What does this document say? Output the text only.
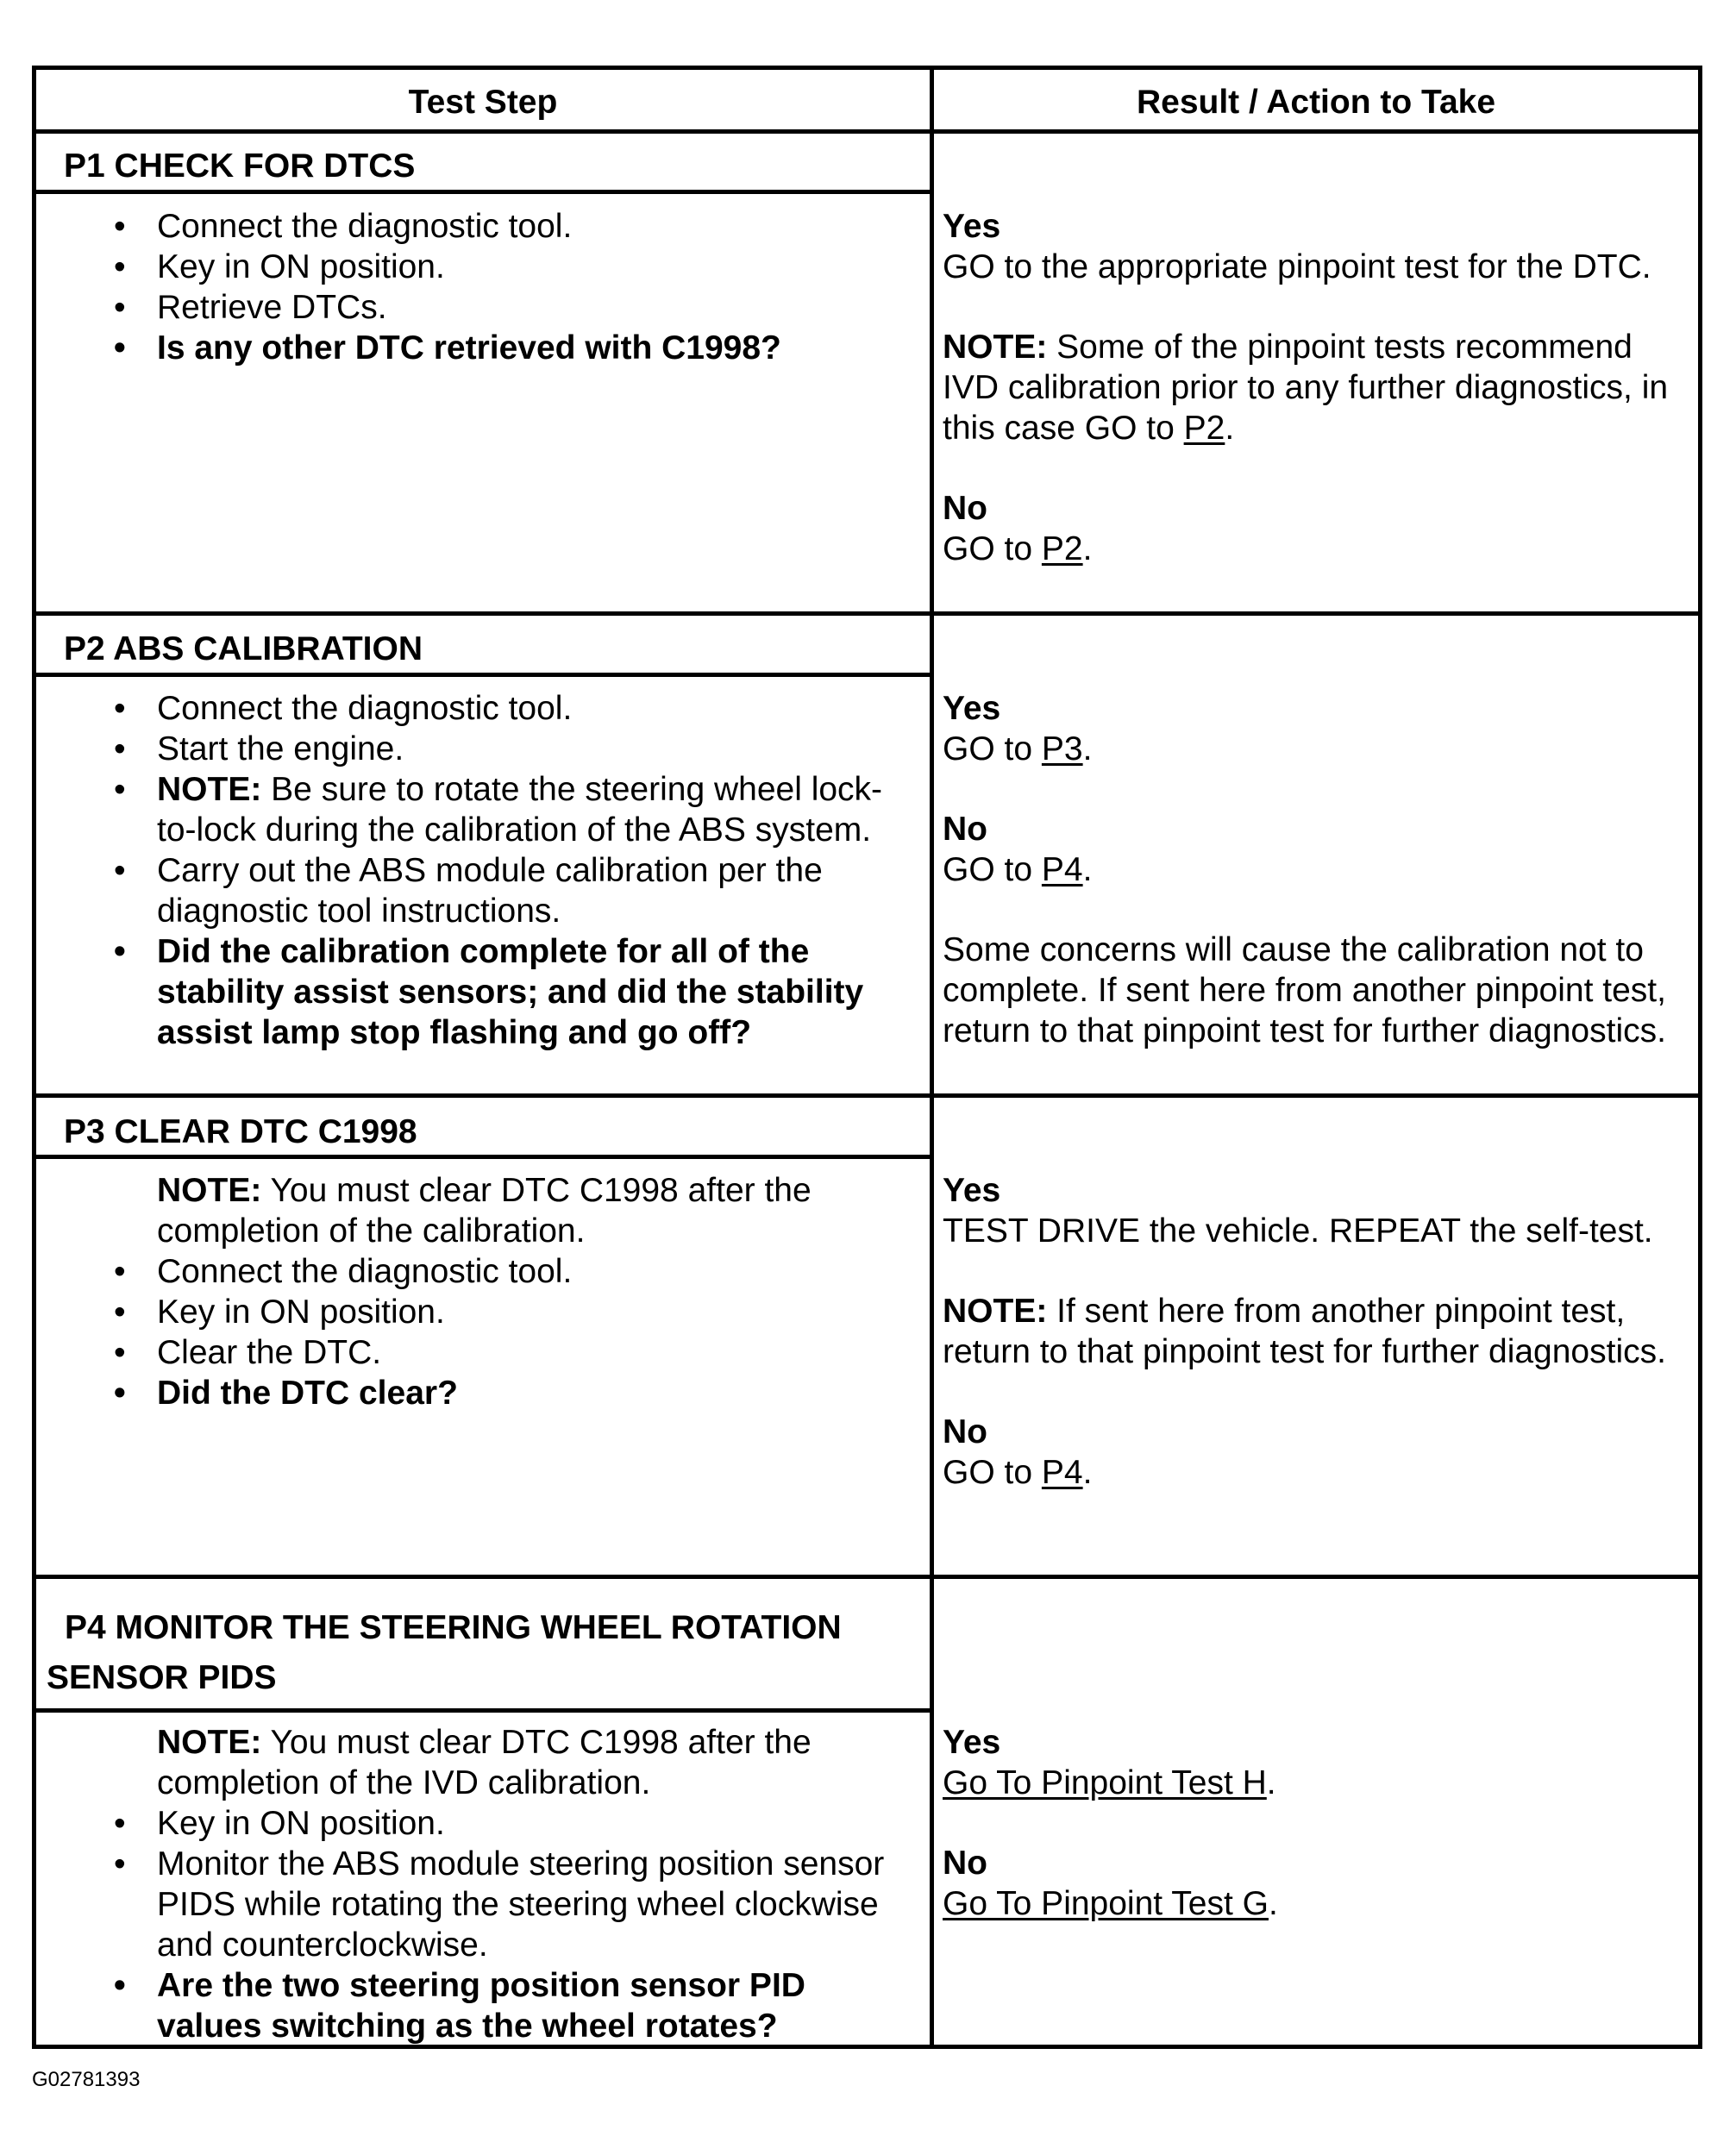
Test Step	Result / Action to Take
P1 CHECK FOR DTCS
• Connect the diagnostic tool.
• Key in ON position.
• Retrieve DTCs.
• Is any other DTC retrieved with C1998?

Yes
GO to the appropriate pinpoint test for the DTC.

NOTE: Some of the pinpoint tests recommend IVD calibration prior to any further diagnostics, in this case GO to P2.

No
GO to P2.

P2 ABS CALIBRATION
• Connect the diagnostic tool.
• Start the engine.
• NOTE: Be sure to rotate the steering wheel lock-to-lock during the calibration of the ABS system.
• Carry out the ABS module calibration per the diagnostic tool instructions.
• Did the calibration complete for all of the stability assist sensors; and did the stability assist lamp stop flashing and go off?

Yes
GO to P3.

No
GO to P4.

Some concerns will cause the calibration not to complete. If sent here from another pinpoint test, return to that pinpoint test for further diagnostics.

P3 CLEAR DTC C1998
NOTE: You must clear DTC C1998 after the completion of the calibration.
• Connect the diagnostic tool.
• Key in ON position.
• Clear the DTC.
• Did the DTC clear?

Yes
TEST DRIVE the vehicle. REPEAT the self-test.

NOTE: If sent here from another pinpoint test, return to that pinpoint test for further diagnostics.

No
GO to P4.

P4 MONITOR THE STEERING WHEEL ROTATION SENSOR PIDS
NOTE: You must clear DTC C1998 after the completion of the IVD calibration.
• Key in ON position.
• Monitor the ABS module steering position sensor PIDS while rotating the steering wheel clockwise and counterclockwise.
• Are the two steering position sensor PID values switching as the wheel rotates?

Yes
Go To Pinpoint Test H.

No
Go To Pinpoint Test G.

G02781393
